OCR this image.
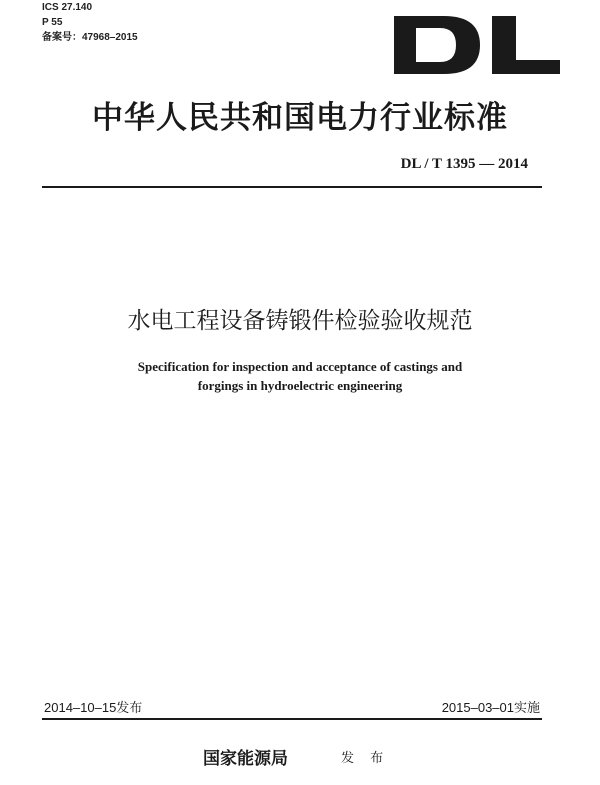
ICS 27.140
P 55
备案号：47968–2015
中华人民共和国电力行业标准
DL / T 1395 — 2014
水电工程设备铸锻件检验验收规范
Specification for inspection and acceptance of castings and
forgings in hydroelectric engineering
2014–10–15发布	2015–03–01实施
国家能源局	发 布
